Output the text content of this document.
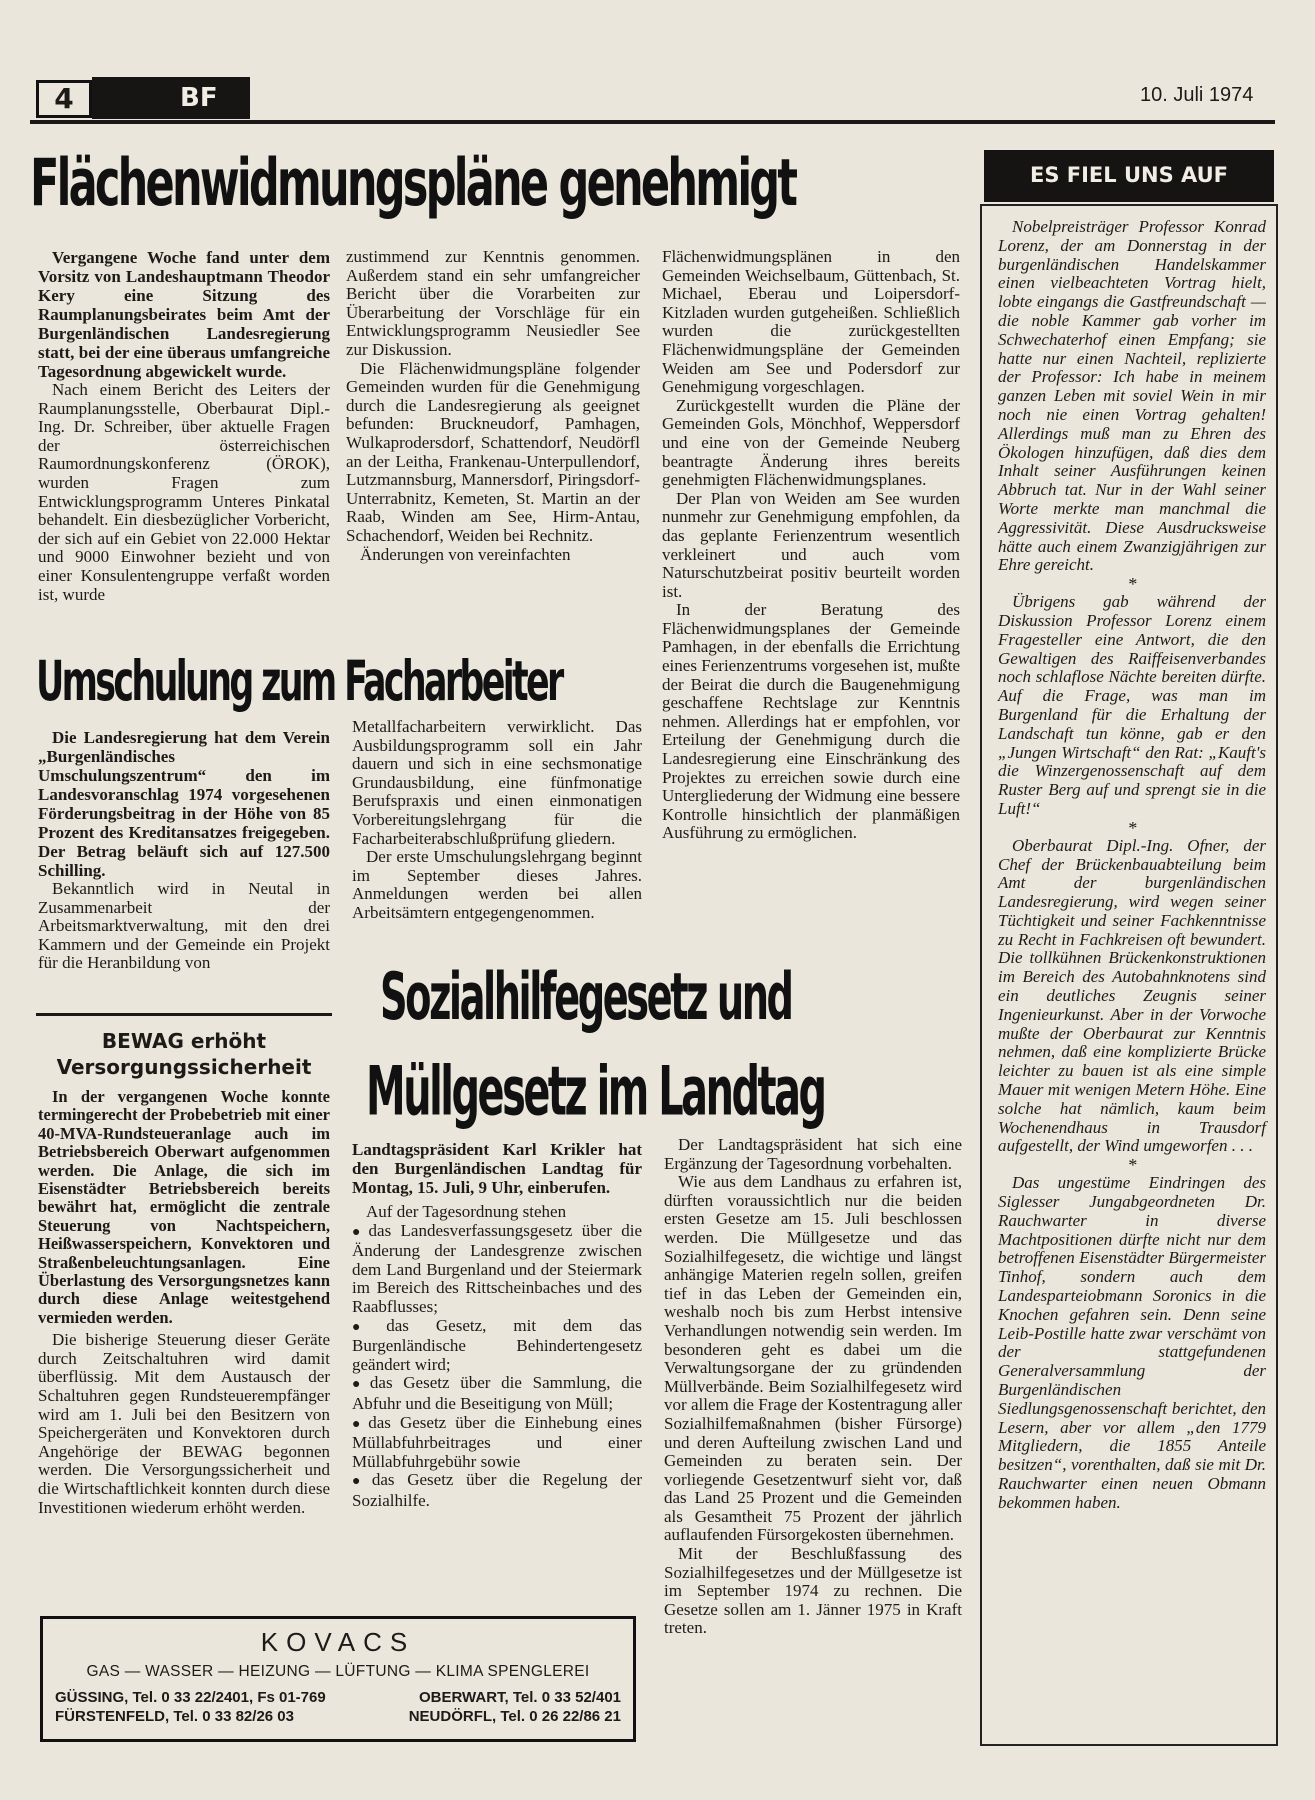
4	BF	10. Juli 1974
Flächenwidmungspläne genehmigt

Vergangene Woche fand unter dem Vorsitz von Landeshauptmann Theodor Kery eine Sitzung des Raumplanungsbeirates beim Amt der Burgenländischen Landesregierung statt, bei der eine überaus umfangreiche Tagesordnung abgewickelt wurde.

Nach einem Bericht des Leiters der Raumplanungsstelle, Oberbaurat Dipl.-Ing. Dr. Schreiber, über aktuelle Fragen der österreichischen Raumordnungskonferenz (ÖROK), wurden Fragen zum Entwicklungsprogramm Unteres Pinkatal behandelt. Ein diesbezüglicher Vorbericht, der sich auf ein Gebiet von 22.000 Hektar und 9000 Einwohner bezieht und von einer Konsulentengruppe verfaßt worden ist, wurde

zustimmend zur Kenntnis genommen. Außerdem stand ein sehr umfangreicher Bericht über die Vorarbeiten zur Überarbeitung der Vorschläge für ein Entwicklungsprogramm Neusiedler See zur Diskussion.

Die Flächenwidmungspläne folgender Gemeinden wurden für die Genehmigung durch die Landesregierung als geeignet befunden: Bruckneudorf, Pamhagen, Wulkaprodersdorf, Schattendorf, Neudörfl an der Leitha, Frankenau-Unterpullendorf, Lutzmannsburg, Mannersdorf, Piringsdorf-Unterrabnitz, Kemeten, St. Martin an der Raab, Winden am See, Hirm-Antau, Schachendorf, Weiden bei Rechnitz.

Änderungen von vereinfachten

Flächenwidmungsplänen in den Gemeinden Weichselbaum, Güttenbach, St. Michael, Eberau und Loipersdorf-Kitzladen wurden gutgeheißen. Schließlich wurden die zurückgestellten Flächenwidmungspläne der Gemeinden Weiden am See und Podersdorf zur Genehmigung vorgeschlagen.

Zurückgestellt wurden die Pläne der Gemeinden Gols, Mönchhof, Weppersdorf und eine von der Gemeinde Neuberg beantragte Änderung ihres bereits genehmigten Flächenwidmungsplanes.

Der Plan von Weiden am See wurden nunmehr zur Genehmigung empfohlen, da das geplante Ferienzentrum wesentlich verkleinert und auch vom Naturschutzbeirat positiv beurteilt worden ist.

In der Beratung des Flächenwidmungsplanes der Gemeinde Pamhagen, in der ebenfalls die Errichtung eines Ferienzentrums vorgesehen ist, mußte der Beirat die durch die Baugenehmigung geschaffene Rechtslage zur Kenntnis nehmen. Allerdings hat er empfohlen, vor Erteilung der Genehmigung durch die Landesregierung eine Einschränkung des Projektes zu erreichen sowie durch eine Untergliederung der Widmung eine bessere Kontrolle hinsichtlich der planmäßigen Ausführung zu ermöglichen.

Umschulung zum Facharbeiter

Die Landesregierung hat dem Verein „Burgenländisches Umschulungszentrum“ den im Landesvoranschlag 1974 vorgesehenen Förderungsbeitrag in der Höhe von 85 Prozent des Kreditansatzes freigegeben. Der Betrag beläuft sich auf 127.500 Schilling.

Bekanntlich wird in Neutal in Zusammenarbeit der Arbeitsmarktverwaltung, mit den drei Kammern und der Gemeinde ein Projekt für die Heranbildung von

Metallfacharbeitern verwirklicht. Das Ausbildungsprogramm soll ein Jahr dauern und sich in eine sechsmonatige Grundausbildung, eine fünfmonatige Berufspraxis und einen einmonatigen Vorbereitungslehrgang für die Facharbeiterabschlußprüfung gliedern.

Der erste Umschulungslehrgang beginnt im September dieses Jahres. Anmeldungen werden bei allen Arbeitsämtern entgegengenommen.

BEWAG erhöht
Versorgungssicherheit

In der vergangenen Woche konnte termingerecht der Probebetrieb mit einer 40-MVA-Rundsteueranlage auch im Betriebsbereich Oberwart aufgenommen werden. Die Anlage, die sich im Eisenstädter Betriebsbereich bereits bewährt hat, ermöglicht die zentrale Steuerung von Nachtspeichern, Heißwasserspeichern, Konvektoren und Straßenbeleuchtungsanlagen. Eine Überlastung des Versorgungsnetzes kann durch diese Anlage weitestgehend vermieden werden.

Die bisherige Steuerung dieser Geräte durch Zeitschaltuhren wird damit überflüssig. Mit dem Austausch der Schaltuhren gegen Rundsteuerempfänger wird am 1. Juli bei den Besitzern von Speichergeräten und Konvektoren durch Angehörige der BEWAG begonnen werden. Die Versorgungssicherheit und die Wirtschaftlichkeit konnten durch diese Investitionen wiederum erhöht werden.

Sozialhilfegesetz und
Müllgesetz im Landtag

Landtagspräsident Karl Krikler hat den Burgenländischen Landtag für Montag, 15. Juli, 9 Uhr, einberufen.

Auf der Tagesordnung stehen

● das Landesverfassungsgesetz über die Änderung der Landesgrenze zwischen dem Land Burgenland und der Steiermark im Bereich des Rittscheinbaches und des Raabflusses;
● das Gesetz, mit dem das Burgenländische Behindertengesetz geändert wird;
● das Gesetz über die Sammlung, die Abfuhr und die Beseitigung von Müll;
● das Gesetz über die Einhebung eines Müllabfuhrbeitrages und einer Müllabfuhrgebühr sowie
● das Gesetz über die Regelung der Sozialhilfe.

Der Landtagspräsident hat sich eine Ergänzung der Tagesordnung vorbehalten.

Wie aus dem Landhaus zu erfahren ist, dürften voraussichtlich nur die beiden ersten Gesetze am 15. Juli beschlossen werden. Die Müllgesetze und das Sozialhilfegesetz, die wichtige und längst anhängige Materien regeln sollen, greifen tief in das Leben der Gemeinden ein, weshalb noch bis zum Herbst intensive Verhandlungen notwendig sein werden. Im besonderen geht es dabei um die Verwaltungsorgane der zu gründenden Müllverbände. Beim Sozialhilfegesetz wird vor allem die Frage der Kostentragung aller Sozialhilfemaßnahmen (bisher Fürsorge) und deren Aufteilung zwischen Land und Gemeinden zu beraten sein. Der vorliegende Gesetzentwurf sieht vor, daß das Land 25 Prozent und die Gemeinden als Gesamtheit 75 Prozent der jährlich auflaufenden Fürsorgekosten übernehmen.

Mit der Beschlußfassung des Sozialhilfegesetzes und der Müllgesetze ist im September 1974 zu rechnen. Die Gesetze sollen am 1. Jänner 1975 in Kraft treten.

KOVACS
GAS — WASSER — HEIZUNG — LÜFTUNG — KLIMA SPENGLEREI
GÜSSING, Tel. 0 33 22/2401, Fs 01-769	OBERWART, Tel. 0 33 52/401
FÜRSTENFELD, Tel. 0 33 82/26 03	NEUDÖRFL, Tel. 0 26 22/86 21
ES FIEL UNS AUF

Nobelpreisträger Professor Konrad Lorenz, der am Donnerstag in der burgenländischen Handelskammer einen vielbeachteten Vortrag hielt, lobte eingangs die Gastfreundschaft — die noble Kammer gab vorher im Schwechaterhof einen Empfang; sie hatte nur einen Nachteil, replizierte der Professor: Ich habe in meinem ganzen Leben mit soviel Wein in mir noch nie einen Vortrag gehalten! Allerdings muß man zu Ehren des Ökologen hinzufügen, daß dies dem Inhalt seiner Ausführungen keinen Abbruch tat. Nur in der Wahl seiner Worte merkte man manchmal die Aggressivität. Diese Ausdrucksweise hätte auch einem Zwanzigjährigen zur Ehre gereicht.

*

Übrigens gab während der Diskussion Professor Lorenz einem Fragesteller eine Antwort, die den Gewaltigen des Raiffeisenverbandes noch schlaflose Nächte bereiten dürfte. Auf die Frage, was man im Burgenland für die Erhaltung der Landschaft tun könne, gab er den „Jungen Wirtschaft“ den Rat: „Kauft's die Winzergenossenschaft auf dem Ruster Berg auf und sprengt sie in die Luft!“

*

Oberbaurat Dipl.-Ing. Ofner, der Chef der Brückenbauabteilung beim Amt der burgenländischen Landesregierung, wird wegen seiner Tüchtigkeit und seiner Fachkenntnisse zu Recht in Fachkreisen oft bewundert. Die tollkühnen Brückenkonstruktionen im Bereich des Autobahnknotens sind ein deutliches Zeugnis seiner Ingenieurkunst. Aber in der Vorwoche mußte der Oberbaurat zur Kenntnis nehmen, daß eine komplizierte Brücke leichter zu bauen ist als eine simple Mauer mit wenigen Metern Höhe. Eine solche hat nämlich, kaum beim Wochenendhaus in Trausdorf aufgestellt, der Wind umgeworfen . . .

*

Das ungestüme Eindringen des Siglesser Jungabgeordneten Dr. Rauchwarter in diverse Machtpositionen dürfte nicht nur dem betroffenen Eisenstädter Bürgermeister Tinhof, sondern auch dem Landesparteiobmann Soronics in die Knochen gefahren sein. Denn seine Leib-Postille hatte zwar verschämt von der stattgefundenen Generalversammlung der Burgenländischen Siedlungsgenossenschaft berichtet, den Lesern, aber vor allem „den 1779 Mitgliedern, die 1855 Anteile besitzen“, vorenthalten, daß sie mit Dr. Rauchwarter einen neuen Obmann bekommen haben.
